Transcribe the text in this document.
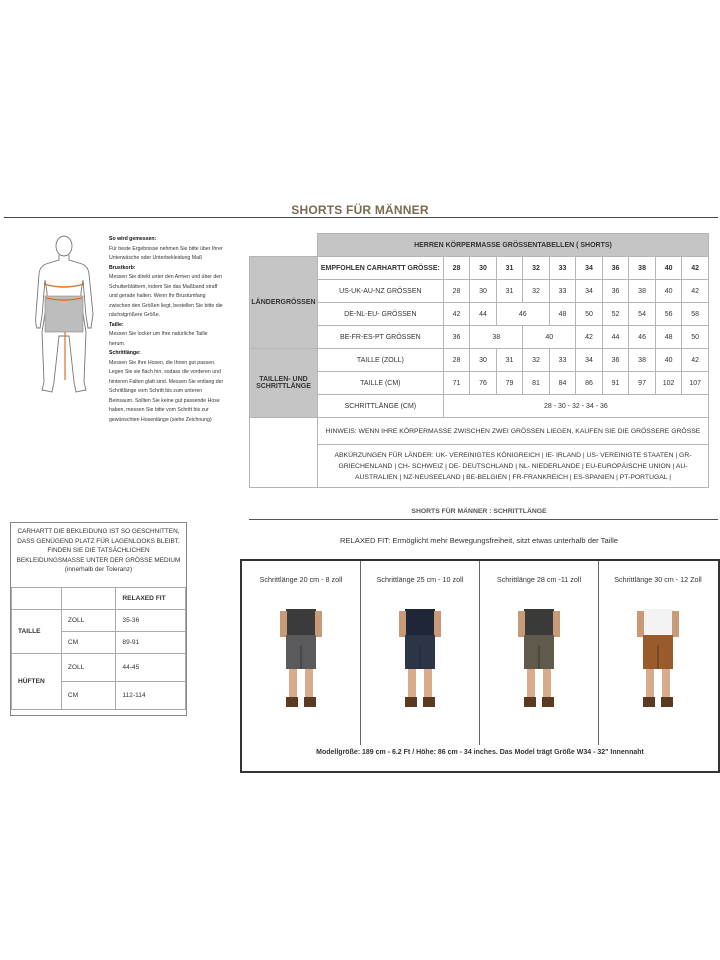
SHORTS FÜR MÄNNER
So wird gemessen:
Für beste Ergebnisse nehmen Sie bitte über Ihrer Unterwäsche oder Unterbekleidung Maß
Brustkorb:
Messen Sie direkt unter den Armen und über den Schulterblättern, indem Sie das Maßband straff und gerade halten. Wenn Ihr Brustumfang zwischen den Größen liegt, bestellen Sie bitte die nächstgrößere Größe.
Taille:
Messen Sie locker um Ihre natürliche Taille herum.
Schrittlänge:
Messen Sie Ihre Hosen, die Ihnen gut passen. Legen Sie sie flach hin, sodass die vorderen und hinteren Falten glatt sind. Messen Sie entlang der Schrittlänge vom Schritt bis zum unteren Beinsaum. Sollten Sie keine gut passende Hose haben, messen Sie bitte vom Schritt bis zur gewünschten Hosenlänge (siehe Zeichnung)
	HERREN KÖRPERMASSE GRÖSSENTABELLEN ( SHORTS)										
LÄNDERGRÖSSEN	EMPFOHLEN CARHARTT GRÖSSE:	28	30	31	32	33	34	36	38	40	42
	US-UK-AU-NZ GRÖSSEN	28	30	31	32	33	34	36	38	40	42
	DE-NL-EU- GRÖSSEN	42	44	46		48	50	52	54	56	58
	BE-FR-ES-PT GRÖSSEN	36	38		40		42	44	46	48	50
TAILLEN- UND SCHRITTLÄNGE	TAILLE (ZOLL)	28	30	31	32	33	34	36	38	40	42
	TAILLE (CM)	71	76	79	81	84	86	91	97	102	107
	SCHRITTLÄNGE (CM)	28 - 30 - 32 - 34 - 36									
	HINWEIS: WENN IHRE KÖRPERMASSE ZWISCHEN ZWEI GRÖSSEN LIEGEN, KAUFEN SIE DIE GRÖSSERE GRÖSSE										
	ABKÜRZUNGEN FÜR LÄNDER: UK- VEREINIGTES KÖNIGREICH | IE- IRLAND | US- VEREINIGTE STAATEN | GR- GRIECHENLAND | CH- SCHWEIZ | DE- DEUTSCHLAND | NL- NIEDERLANDE | EU-EUROPÄISCHE UNION | AU-AUSTRALIEN | NZ-NEUSEELAND | BE-BELGIEN | FR-FRANKREICH | ES-SPANIEN | PT-PORTUGAL |										
CARHARTT DIE BEKLEIDUNG IST SO GESCHNITTEN, DASS GENÜGEND PLATZ FÜR LAGENLOOKS BLEIBT. FINDEN SIE DIE TATSÄCHLICHEN BEKLEIDUNGSMASSE UNTER DER GRÖSSE MEDIUM
(innerhalb der Toleranz)
		RELAXED FIT
TAILLE	ZOLL	35-36
	CM	89-91
HÜFTEN	ZOLL	44-45
	CM	112-114
SHORTS FÜR MÄNNER : SCHRITTLÄNGE
RELAXED FIT: Ermöglicht mehr Bewegungsfreiheit, sitzt etwas unterhalb der Taille
Schrittlänge 20 cm - 8 zoll	Schrittlänge 25 cm - 10 zoll	Schrittlänge 28 cm -11 zoll	Schrittlänge 30 cm - 12 Zoll
Modellgröße: 189 cm - 6.2 Ft / Höhe: 86 cm - 34 inches. Das Model trägt Größe W34 - 32" Innennaht
